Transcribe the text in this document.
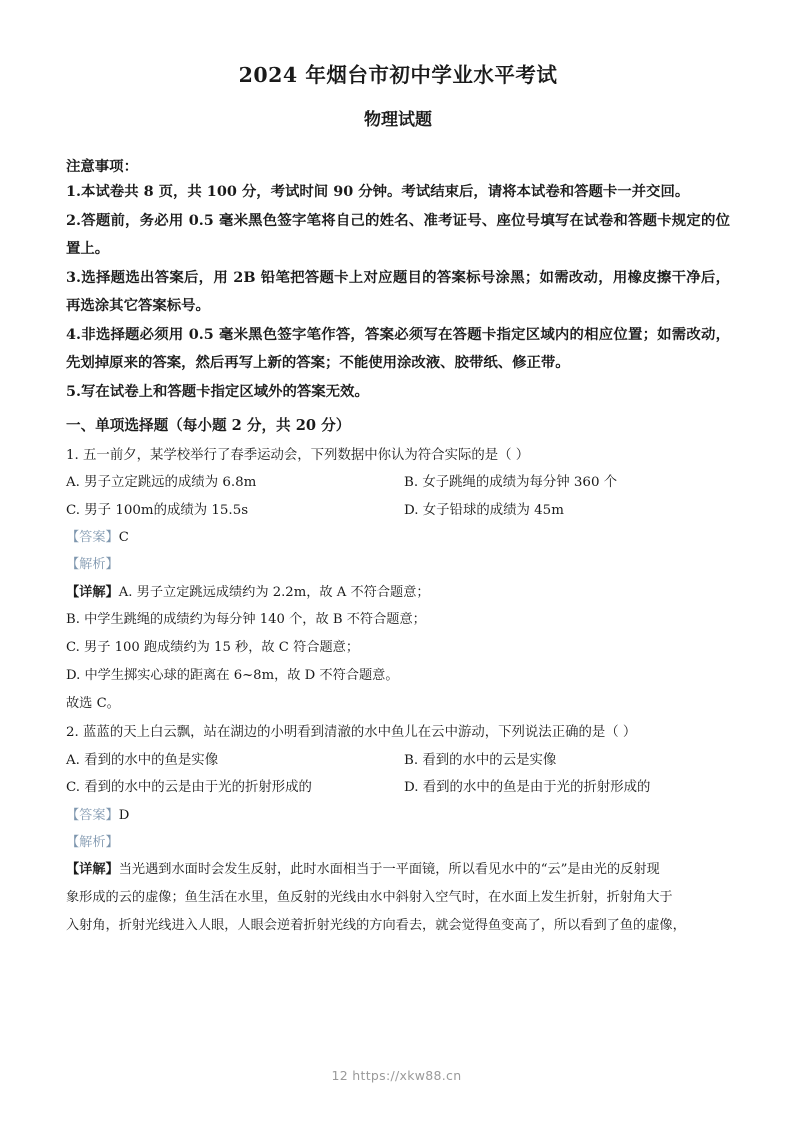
2024 年烟台市初中学业水平考试
物理试题

注意事项：

1.本试卷共 8 页，共 100 分，考试时间 90 分钟。考试结束后，请将本试卷和答题卡一并交回。

2.答题前，务必用 0.5 毫米黑色签字笔将自己的姓名、准考证号、座位号填写在试卷和答题卡规定的位置上。

3.选择题选出答案后，用 2B 铅笔把答题卡上对应题目的答案标号涂黑；如需改动，用橡皮擦干净后，再选涂其它答案标号。

4.非选择题必须用 0.5 毫米黑色签字笔作答，答案必须写在答题卡指定区域内的相应位置；如需改动，先划掉原来的答案，然后再写上新的答案；不能使用涂改液、胶带纸、修正带。

5.写在试卷上和答题卡指定区域外的答案无效。

一、单项选择题（每小题 2 分，共 20 分）

1. 五一前夕，某学校举行了春季运动会，下列数据中你认为符合实际的是（ ）

A. 男子立定跳远的成绩为 6.8m	B. 女子跳绳的成绩为每分钟 360 个
C. 男子 100m的成绩为 15.5s	D. 女子铅球的成绩为 45m

【答案】C

【解析】

【详解】A. 男子立定跳远成绩约为 2.2m，故 A 不符合题意；

B. 中学生跳绳的成绩约为每分钟 140 个，故 B 不符合题意；

C. 男子 100 跑成绩约为 15 秒，故 C 符合题意；

D. 中学生掷实心球的距离在 6~8m，故 D 不符合题意。

故选 C。

2. 蓝蓝的天上白云飘，站在湖边的小明看到清澈的水中鱼儿在云中游动，下列说法正确的是（ ）

A. 看到的水中的鱼是实像	B. 看到的水中的云是实像
C. 看到的水中的云是由于光的折射形成的	D. 看到的水中的鱼是由于光的折射形成的

【答案】D

【解析】

【详解】当光遇到水面时会发生反射，此时水面相当于一平面镜，所以看见水中的“云”是由光的反射现

象形成的云的虚像；鱼生活在水里，鱼反射的光线由水中斜射入空气时，在水面上发生折射，折射角大于

入射角，折射光线进入人眼，人眼会逆着折射光线的方向看去，就会觉得鱼变高了，所以看到了鱼的虚像，

12 https://xkw88.cn
